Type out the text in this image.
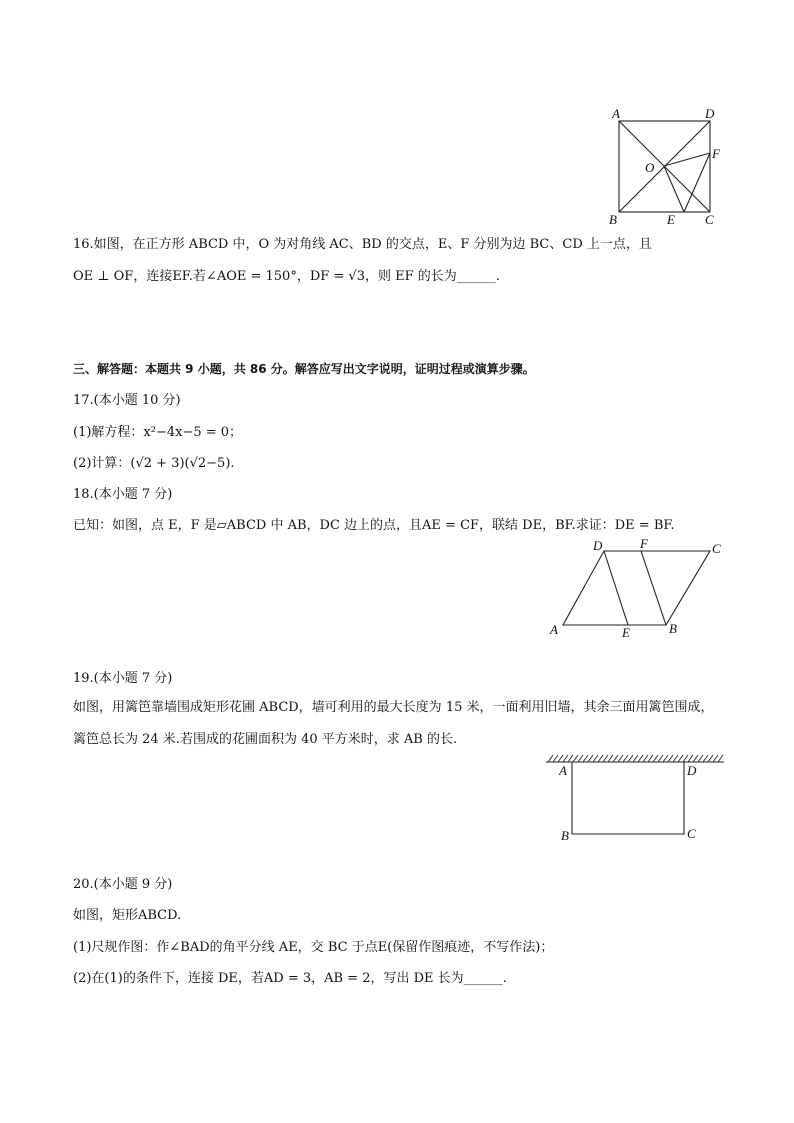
A	D
F
O
B	E C
16.如图，在正方形 ABCD 中，O 为对角线 AC、BD 的交点，E、F 分别为边 BC、CD 上一点，且
OE ⊥ OF，连接EF.若∠AOE = 150°，DF = √3，则 EF 的长为______.
三、解答题：本题共 9 小题，共 86 分。解答应写出文字说明，证明过程或演算步骤。
17.(本小题 10 分)
(1)解方程：x²−4x−5 = 0；
(2)计算：(√2 + 3)(√2−5).
18.(本小题 7 分)
已知：如图，点 E，F 是▱ABCD 中 AB，DC 边上的点，且AE = CF，联结 DE，BF.求证：DE = BF.
D	F	C
A	E	B
19.(本小题 7 分)
如图，用篱笆靠墙围成矩形花圃 ABCD，墙可利用的最大长度为 15 米，一面利用旧墙，其余三面用篱笆围成，篱笆总长为 24 米.若围成的花圃面积为 40 平方米时，求 AB 的长.
A	D
B	C
20.(本小题 9 分)
如图，矩形ABCD.
(1)尺规作图：作∠BAD的角平分线 AE，交 BC 于点E(保留作图痕迹，不写作法)；
(2)在(1)的条件下，连接 DE，若AD = 3，AB = 2，写出 DE 长为______.
